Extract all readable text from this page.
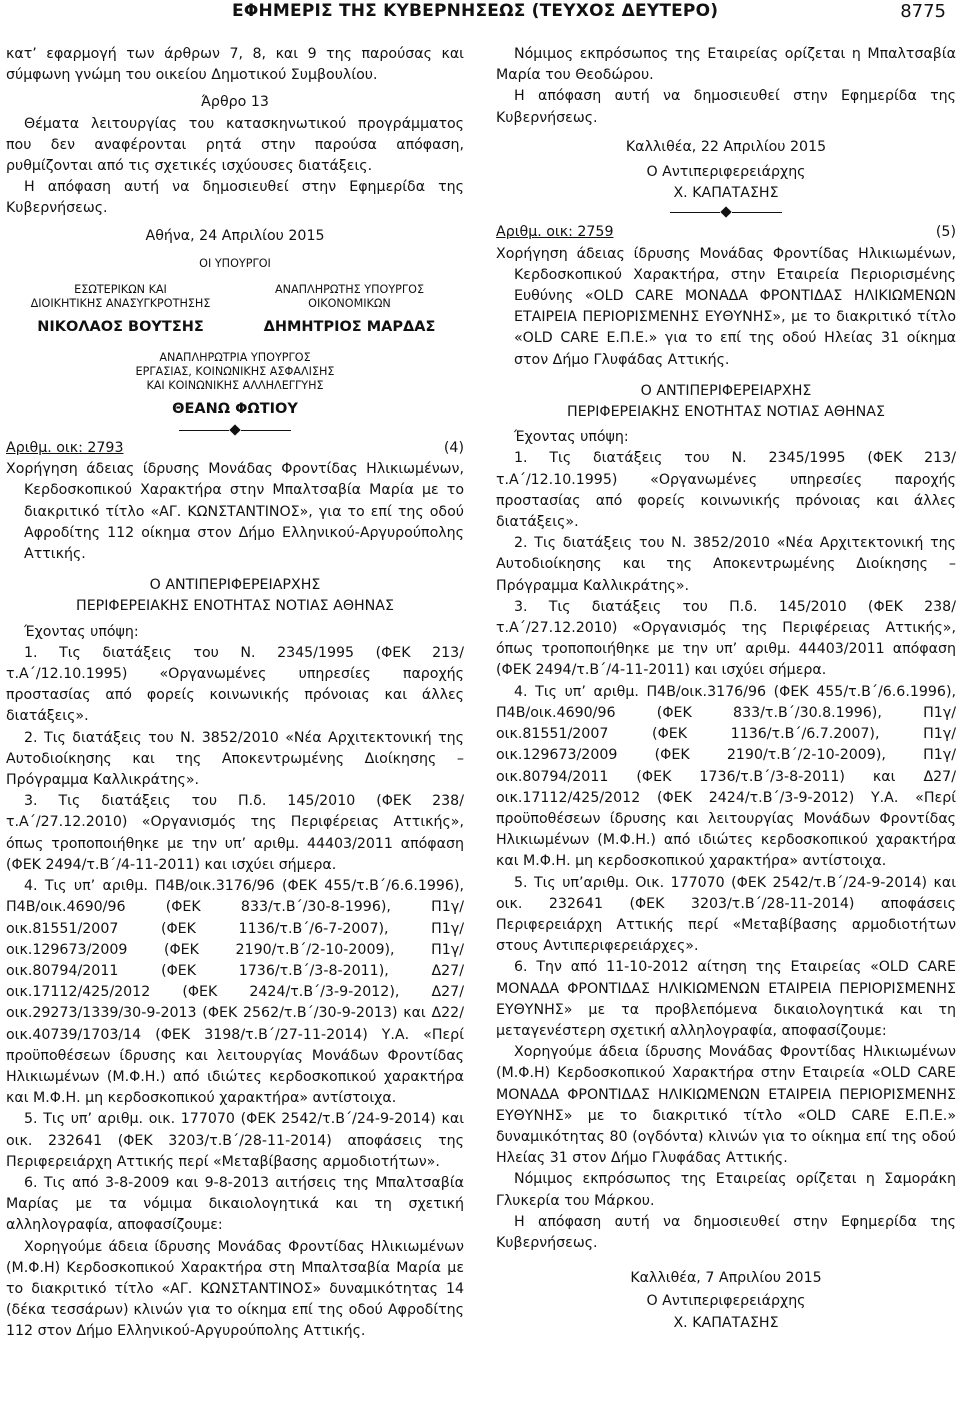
ΕΦΗΜΕΡΙΣ ΤΗΣ ΚΥΒΕΡΝΗΣΕΩΣ (ΤΕΥΧΟΣ ΔΕΥΤΕΡΟ)	8775

κατ’ εφαρμογή των άρθρων 7, 8, και 9 της παρούσας και σύμφωνη γνώμη του οικείου Δημοτικού Συμβουλίου.

Άρθρο 13

Θέματα λειτουργίας του κατασκηνωτικού προγράμματος που δεν αναφέρονται ρητά στην παρούσα απόφαση, ρυθμίζονται από τις σχετικές ισχύουσες διατάξεις.

Η απόφαση αυτή να δημοσιευθεί στην Εφημερίδα της Κυβερνήσεως.

Αθήνα, 24 Απριλίου 2015

ΟΙ ΥΠΟΥΡΓΟΙ
ΕΣΩΤΕΡΙΚΩΝ ΚΑΙ
ΔΙΟΙΚΗΤΙΚΗΣ ΑΝΑΣΥΓΚΡΟΤΗΣΗΣ
ΑΝΑΠΛΗΡΩΤΗΣ ΥΠΟΥΡΓΟΣ
ΟΙΚΟΝΟΜΙΚΩΝ
ΝΙΚΟΛΑΟΣ ΒΟΥΤΣΗΣ	ΔΗΜΗΤΡΙΟΣ ΜΑΡΔΑΣ
ΑΝΑΠΛΗΡΩΤΡΙΑ ΥΠΟΥΡΓΟΣ
ΕΡΓΑΣΙΑΣ, ΚΟΙΝΩΝΙΚΗΣ ΑΣΦΑΛΙΣΗΣ
ΚΑΙ ΚΟΙΝΩΝΙΚΗΣ ΑΛΛΗΛΕΓΓΥΗΣ
ΘΕΑΝΩ ΦΩΤΙΟΥ
Αριθμ. οικ: 2793	(4)

Χορήγηση άδειας ίδρυσης Μονάδας Φροντίδας Ηλικιωμένων, Κερδοσκοπικού Χαρακτήρα στην Μπαλτσαβία Μαρία με το διακριτικό τίτλο «ΑΓ. ΚΩΝΣΤΑΝΤΙΝΟΣ», για το επί της οδού Αφροδίτης 112 οίκημα στον Δήμο Ελληνικού-Αργυρούπολης Αττικής.

Ο ΑΝΤΙΠΕΡΙΦΕΡΕΙΑΡΧΗΣ

ΠΕΡΙΦΕΡΕΙΑΚΗΣ ΕΝΟΤΗΤΑΣ ΝΟΤΙΑΣ ΑΘΗΝΑΣ

Έχοντας υπόψη:

1. Τις διατάξεις του Ν. 2345/1995 (ΦΕΚ 213/τ.Α΄/12.10.1995) «Οργανωμένες υπηρεσίες παροχής προστασίας από φορείς κοινωνικής πρόνοιας και άλλες διατάξεις».

2. Τις διατάξεις του Ν. 3852/2010 «Νέα Αρχιτεκτονική της Αυτοδιοίκησης και της Αποκεντρωμένης Διοίκησης – Πρόγραμμα Καλλικράτης».

3. Τις διατάξεις του Π.δ. 145/2010 (ΦΕΚ 238/τ.Α΄/27.12.2010) «Οργανισμός της Περιφέρειας Αττικής», όπως τροποποιήθηκε με την υπ’ αριθμ. 44403/2011 απόφαση (ΦΕΚ 2494/τ.Β΄/4-11-2011) και ισχύει σήμερα.

4. Τις υπ’ αριθμ. Π4Β/οικ.3176/96 (ΦΕΚ 455/τ.Β΄/6.6.1996), Π4Β/οικ.4690/96 (ΦΕΚ 833/τ.Β΄/30-8-1996), Π1γ/οικ.81551/2007 (ΦΕΚ 1136/τ.Β΄/6-7-2007), Π1γ/οικ.129673/2009 (ΦΕΚ 2190/τ.Β΄/2-10-2009), Π1γ/οικ.80794/2011 (ΦΕΚ 1736/τ.Β΄/3-8-2011), Δ27/οικ.17112/425/2012 (ΦΕΚ 2424/τ.Β΄/3-9-2012), Δ27/οικ.29273/1339/30-9-2013 (ΦΕΚ 2562/τ.Β΄/30-9-2013) και Δ22/οικ.40739/1703/14 (ΦΕΚ 3198/τ.Β΄/27-11-2014) Υ.Α. «Περί προϋποθέσεων ίδρυσης και λειτουργίας Μονάδων Φροντίδας Ηλικιωμένων (Μ.Φ.Η.) από ιδιώτες κερδοσκοπικού χαρακτήρα και Μ.Φ.Η. μη κερδοσκοπικού χαρακτήρα» αντίστοιχα.

5. Τις υπ’ αριθμ. οικ. 177070 (ΦΕΚ 2542/τ.Β΄/24-9-2014) και οικ. 232641 (ΦΕΚ 3203/τ.Β΄/28-11-2014) αποφάσεις της Περιφερειάρχη Αττικής περί «Μεταβίβασης αρμοδιοτήτων».

6. Τις από 3-8-2009 και 9-8-2013 αιτήσεις της Μπαλτσαβία Μαρίας με τα νόμιμα δικαιολογητικά και τη σχετική αλληλογραφία, αποφασίζουμε:

Χορηγούμε άδεια ίδρυσης Μονάδας Φροντίδας Ηλικιωμένων (Μ.Φ.Η) Κερδοσκοπικού Χαρακτήρα στη Μπαλτσαβία Μαρία με το διακριτικό τίτλο «ΑΓ. ΚΩΝΣΤΑΝΤΙΝΟΣ» δυναμικότητας 14 (δέκα τεσσάρων) κλινών για το οίκημα επί της οδού Αφροδίτης 112 στον Δήμο Ελληνικού-Αργυρούπολης Αττικής.

Νόμιμος εκπρόσωπος της Εταιρείας ορίζεται η Μπαλτσαβία Μαρία του Θεοδώρου.

Η απόφαση αυτή να δημοσιευθεί στην Εφημερίδα της Κυβερνήσεως.

Καλλιθέα, 22 Απριλίου 2015

Ο Αντιπεριφερειάρχης

Χ. ΚΑΠΑΤΑΣΗΣ

Αριθμ. οικ: 2759	(5)

Χορήγηση άδειας ίδρυσης Μονάδας Φροντίδας Ηλικιωμένων, Κερδοσκοπικού Χαρακτήρα, στην Εταιρεία Περιορισμένης Ευθύνης «OLD CARE ΜΟΝΑΔΑ ΦΡΟΝΤΙΔΑΣ ΗΛΙΚΙΩΜΕΝΩΝ ΕΤΑΙΡΕΙΑ ΠΕΡΙΟΡΙΣΜΕΝΗΣ ΕΥΘΥΝΗΣ», με το διακριτικό τίτλο «OLD CARE Ε.Π.Ε.» για το επί της οδού Ηλείας 31 οίκημα στον Δήμο Γλυφάδας Αττικής.

Ο ΑΝΤΙΠΕΡΙΦΕΡΕΙΑΡΧΗΣ

ΠΕΡΙΦΕΡΕΙΑΚΗΣ ΕΝΟΤΗΤΑΣ ΝΟΤΙΑΣ ΑΘΗΝΑΣ

Έχοντας υπόψη:

1. Τις διατάξεις του Ν. 2345/1995 (ΦΕΚ 213/τ.Α΄/12.10.1995) «Οργανωμένες υπηρεσίες παροχής προστασίας από φορείς κοινωνικής πρόνοιας και άλλες διατάξεις».

2. Τις διατάξεις του Ν. 3852/2010 «Νέα Αρχιτεκτονική της Αυτοδιοίκησης και της Αποκεντρωμένης Διοίκησης – Πρόγραμμα Καλλικράτης».

3. Τις διατάξεις του Π.δ. 145/2010 (ΦΕΚ 238/τ.Α΄/27.12.2010) «Οργανισμός της Περιφέρειας Αττικής», όπως τροποποιήθηκε με την υπ’ αριθμ. 44403/2011 απόφαση (ΦΕΚ 2494/τ.Β΄/4-11-2011) και ισχύει σήμερα.

4. Τις υπ’ αριθμ. Π4Β/οικ.3176/96 (ΦΕΚ 455/τ.Β΄/6.6.1996), Π4Β/οικ.4690/96 (ΦΕΚ 833/τ.Β΄/30.8.1996), Π1γ/οικ.81551/2007 (ΦΕΚ 1136/τ.Β΄/6.7.2007), Π1γ/οικ.129673/2009 (ΦΕΚ 2190/τ.Β΄/2-10-2009), Π1γ/οικ.80794/2011 (ΦΕΚ 1736/τ.Β΄/3-8-2011) και Δ27/οικ.17112/425/2012 (ΦΕΚ 2424/τ.Β΄/3-9-2012) Υ.Α. «Περί προϋποθέσεων ίδρυσης και λειτουργίας Μονάδων Φροντίδας Ηλικιωμένων (Μ.Φ.Η.) από ιδιώτες κερδοσκοπικού χαρακτήρα και Μ.Φ.Η. μη κερδοσκοπικού χαρακτήρα» αντίστοιχα.

5. Τις υπ’αριθμ. Οικ. 177070 (ΦΕΚ 2542/τ.Β΄/24-9-2014) και οικ. 232641 (ΦΕΚ 3203/τ.Β΄/28-11-2014) αποφάσεις Περιφερειάρχη Αττικής περί «Μεταβίβασης αρμοδιοτήτων στους Αντιπεριφερειάρχες».

6. Την από 11-10-2012 αίτηση της Εταιρείας «OLD CARE ΜΟΝΑΔΑ ΦΡΟΝΤΙΔΑΣ ΗΛΙΚΙΩΜΕΝΩΝ ΕΤΑΙΡΕΙΑ ΠΕΡΙΟΡΙΣΜΕΝΗΣ ΕΥΘΥΝΗΣ» με τα προβλεπόμενα δικαιολογητικά και τη μεταγενέστερη σχετική αλληλογραφία, αποφασίζουμε:

Χορηγούμε άδεια ίδρυσης Μονάδας Φροντίδας Ηλικιωμένων (Μ.Φ.Η) Κερδοσκοπικού Χαρακτήρα στην Εταιρεία «OLD CARE ΜΟΝΑΔΑ ΦΡΟΝΤΙΔΑΣ ΗΛΙΚΙΩΜΕΝΩΝ ΕΤΑΙΡΕΙΑ ΠΕΡΙΟΡΙΣΜΕΝΗΣ ΕΥΘΥΝΗΣ» με το διακριτικό τίτλο «OLD CARE Ε.Π.Ε.» δυναμικότητας 80 (ογδόντα) κλινών για το οίκημα επί της οδού Ηλείας 31 στον Δήμο Γλυφάδας Αττικής.

Νόμιμος εκπρόσωπος της Εταιρείας ορίζεται η Σαμοράκη Γλυκερία του Μάρκου.

Η απόφαση αυτή να δημοσιευθεί στην Εφημερίδα της Κυβερνήσεως.

Καλλιθέα, 7 Απριλίου 2015

Ο Αντιπεριφερειάρχης

Χ. ΚΑΠΑΤΑΣΗΣ
